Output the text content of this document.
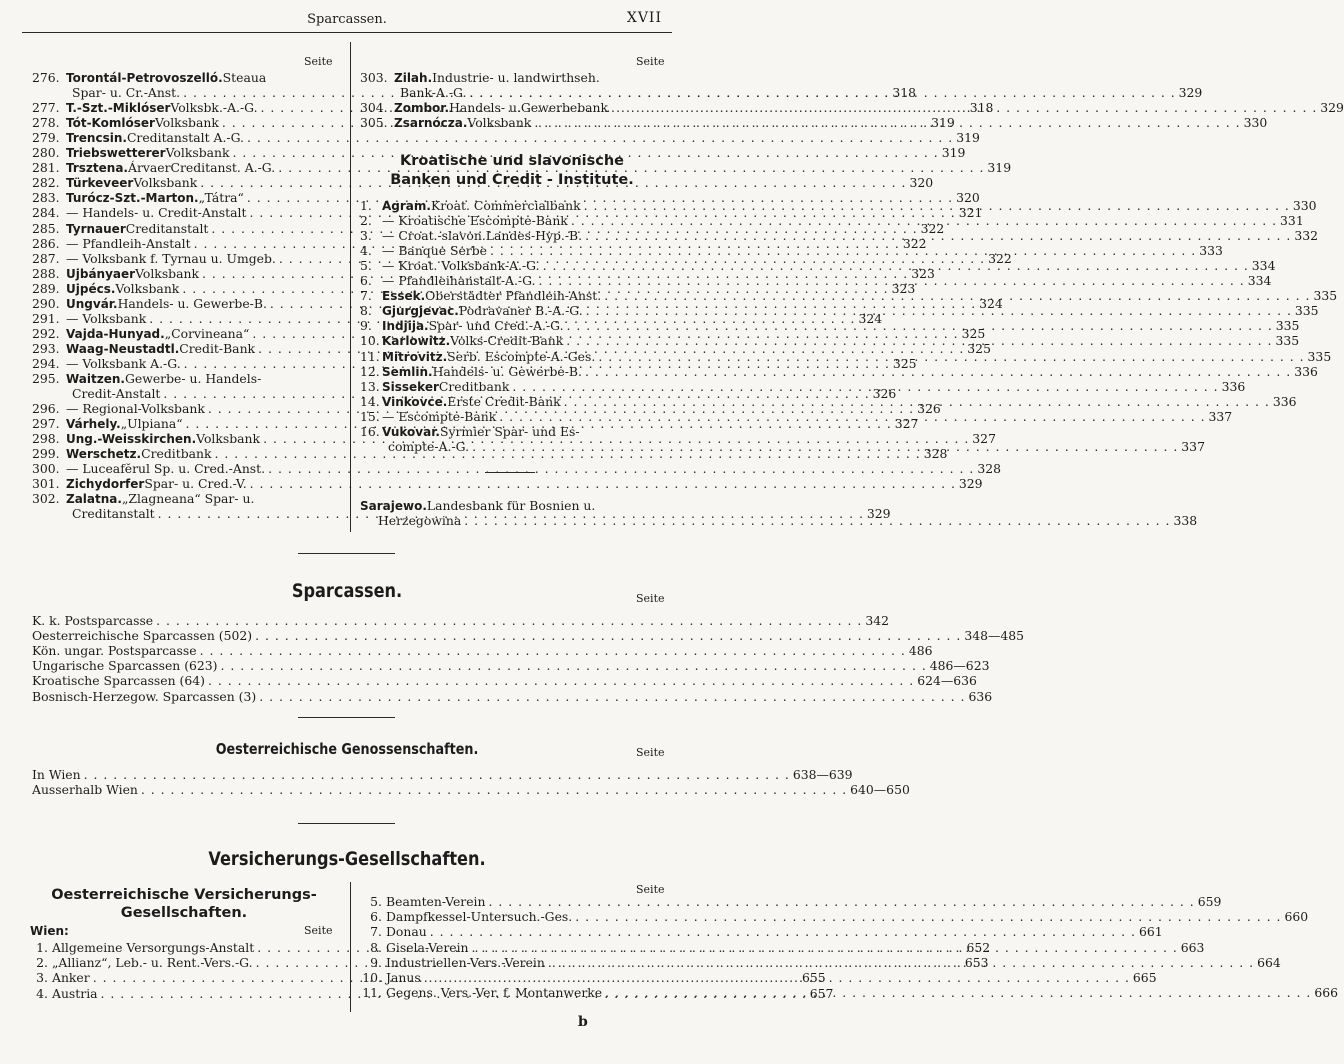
Sparcassen.	XVII
Seite	Seite
276. Torontál-Petrovoszelló. Steaua
Spar- u. Cr.-Anst. . . .	318
277. T.-Szt.-Miklóser Volksbk.-A.-G. . . .	318
278. Tót-Komlóser Volksbank . . .	319
279. Trencsin. Creditanstalt A.-G. . . .	319
280. Triebswetterer Volksbank . . .	319
281. Trsztena. ÁrvaerCreditanst. A.-G. . . .	319
282. Türkeveer Volksbank . . .	320
283. Turócz-Szt.-Marton. „Tátra“ . . .	320
284. — Handels- u. Credit-Anstalt . . .	321
285. Tyrnauer Creditanstalt . . .	322
286. — Pfandleih-Anstalt . . .	322
287. — Volksbank f. Tyrnau u. Umgeb. . . .	322
288. Ujbányaer Volksbank . . .	323
289. Ujpécs. Volksbank . . .	323
290. Ungvár. Handels- u. Gewerbe-B. . . .	324
291. — Volksbank . . .	324
292. Vajda-Hunyad. „Corvineana“ . . .	325
293. Waag-Neustadtl. Credit-Bank . . .	325
294. — Volksbank A.-G. . . .	325
295. Waitzen. Gewerbe- u. Handels-
Credit-Anstalt . . .	326
296. — Regional-Volksbank . . .	326
297. Várhely. „Ulpiana“ . . .	327
298. Ung.-Weisskirchen. Volksbank . . .	327
299. Werschetz. Creditbank . . .	328
300. — Luceafĕrul Sp. u. Cred.-Anst. . . .	328
301. Zichydorfer Spar- u. Cred.-V. . . .	329
302. Zalatna. „Zlagneana“ Spar- u.
Creditanstalt . . .	329
303. Zilah. Industrie- u. landwirthseh.
Bank-A.-G. . . .	329
304. Zombor. Handels- u.Gewerbebank . . .	329
305. Zsarnócza. Volksbank . . .	330
Kroatische und slavonische
Banken und Credit - Institute.
1. Agram. Kroat. Commercialbank . . .	330
2. — Kroatische Escompte-Bank . . .	331
3. — Croat.-slavon.Landes-Hyp.-B. . . .	332
4. — Banque Serbe . . .	333
5. — Kroat. Volksbank-A.-G. . . .	334
6. — Pfandleihanstalt-A.-G. . . .	334
7. Essek. Oberstädter Pfandleih-Anst. . . .	335
8. Gjurgjevac. Podravaner B.-A.-G. . . .	335
9. Indjija. Spar- und Cred.-A.-G. . . .	335
10. Karlowitz. Volks-Credit-Bank . . .	335
11. Mitrovitz. Serb. Escompte-A.-Ges. . . .	335
12. Semlin. Handels- u. Gewerbe-B. . . .	336
13. Sisseker Creditbank . . .	336
14. Vinkovce. Erste Credit-Bank . . .	336
15. — Escompte-Bank . . .	337
16. Vukovar. Syrmier Spar- und Es-
compte-A.-G. . . .	337
Sarajewo. Landesbank für Bosnien u.
Herzegowina . . .	338
Sparcassen.	Seite
K. k. Postsparcasse . . .	342
Oesterreichische Sparcassen (502) . . .	348—485
Kön. ungar. Postsparcasse . . .	486
Ungarische Sparcassen (623) . . .	486—623
Kroatische Sparcassen (64) . . .	624—636
Bosnisch-Herzegow. Sparcassen (3) . . .	636
Oesterreichische Genossenschaften.	Seite
In Wien . . .	638—639
Ausserhalb Wien . . .	640—650
Versicherungs-Gesellschaften.
Oesterreichische Versicherungs-
Gesellschaften.
Wien:	Seite
Seite
1. Allgemeine Versorgungs-Anstalt . . .	652
2. „Allianz“, Leb.- u. Rent.-Vers.-G. . . .	653
3. Anker . . .	655
4. Austria . . .	657
5. Beamten-Verein . . .	659
6. Dampfkessel-Untersuch.-Ges. . . .	660
7. Donau . . .	661
8. Gisela-Verein . . .	663
9. Industriellen-Vers.-Verein . . .	664
10. Janus . . .	665
11. Gegens. Vers.-Ver. f. Montanwerke . . .	666
b
